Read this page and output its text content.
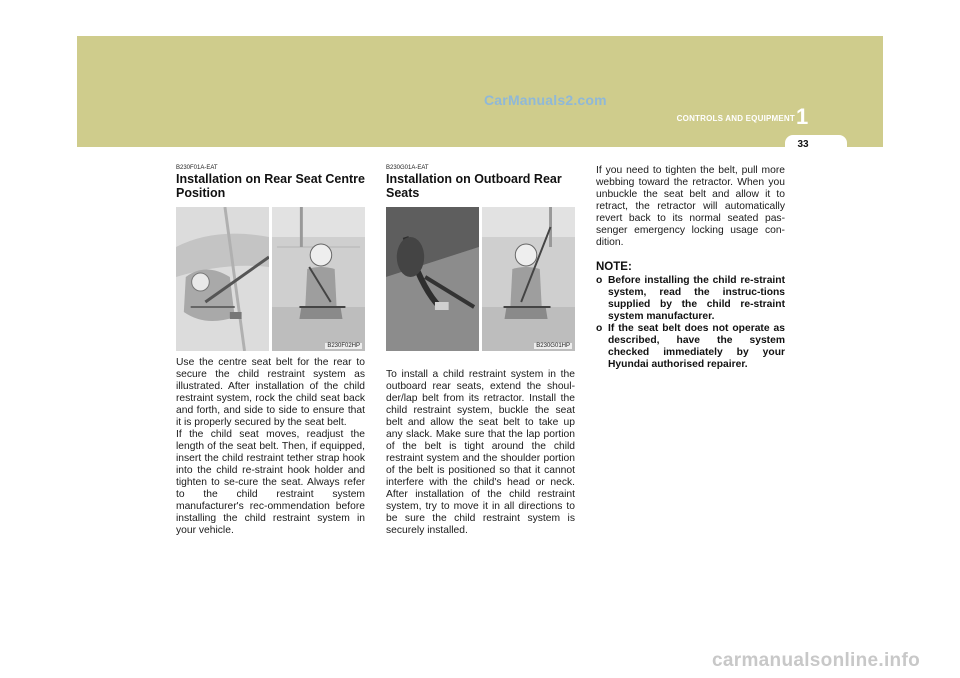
CarManuals2.com
CONTROLS AND EQUIPMENT 1
33
B230F01A-EAT
Installation on Rear Seat Centre Position
B230F02HP

Use the centre seat belt for the rear to secure the child restraint system as illustrated. After installation of the child restraint system, rock the child seat back and forth, and side to side to ensure that it is properly secured by the seat belt.
If the child seat moves, readjust the length of the seat belt. Then, if equipped, insert the child restraint tether strap hook into the child re-straint hook holder and tighten to se-cure the seat. Always refer to the child restraint system manufacturer's rec-ommendation before installing the child restraint system in your vehicle.

B230G01A-EAT
Installation on Outboard Rear Seats
B230G01HP

To install a child restraint system in the outboard rear seats, extend the shoul-der/lap belt from its retractor. Install the child restraint system, buckle the seat belt and allow the seat belt to take up any slack. Make sure that the lap portion of the belt is tight around the child restraint system and the shoulder portion of the belt is positioned so that it cannot interfere with the child's head or neck. After installation of the child restraint system, try to move it in all directions to be sure the child restraint system is securely installed.

If you need to tighten the belt, pull more webbing toward the retractor. When you unbuckle the seat belt and allow it to retract, the retractor will automatically revert back to its normal seated pas-senger emergency locking usage con-dition.

NOTE:
o Before installing the child re-straint system, read the instruc-tions supplied by the child re-straint system manufacturer.
o If the seat belt does not operate as described, have the system checked immediately by your Hyundai authorised repairer.
carmanualsonline.info
